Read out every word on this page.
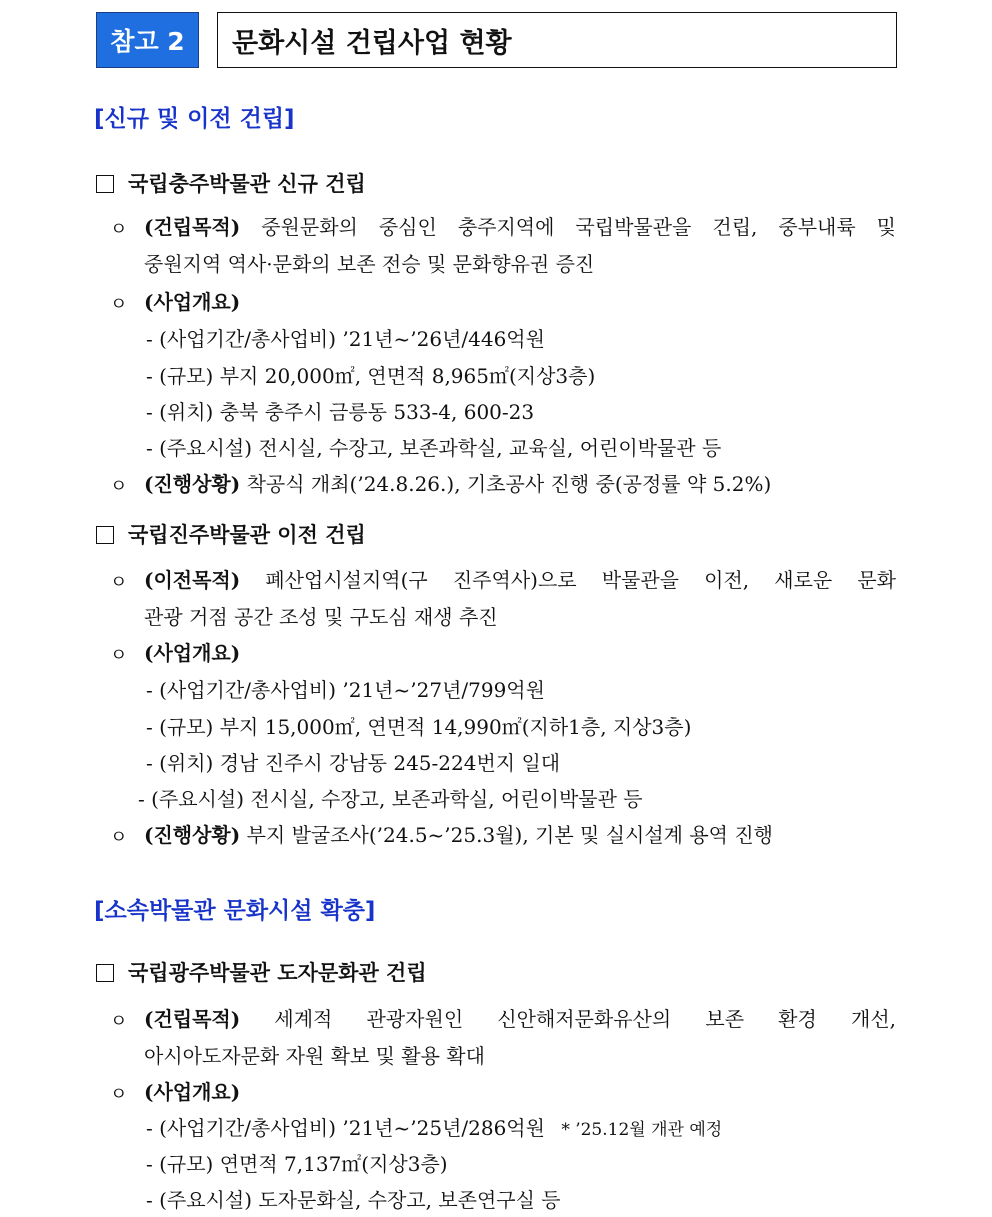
참고 2	문화시설 건립사업 현황
[신규 및 이전 건립]
국립충주박물관 신규 건립
ㅇ (건립목적) 중원문화의 중심인 충주지역에 국립박물관을 건립, 중부내륙 및
중원지역 역사·문화의 보존 전승 및 문화향유권 증진
ㅇ (사업개요)
- (사업기간/총사업비) ’21년~’26년/446억원
- (규모) 부지 20,000㎡, 연면적 8,965㎡(지상3층)
- (위치) 충북 충주시 금릉동 533-4, 600-23
- (주요시설) 전시실, 수장고, 보존과학실, 교육실, 어린이박물관 등
ㅇ (진행상황) 착공식 개최(’24.8.26.), 기초공사 진행 중(공정률 약 5.2%)
국립진주박물관 이전 건립
ㅇ (이전목적) 폐산업시설지역(구 진주역사)으로 박물관을 이전, 새로운 문화
관광 거점 공간 조성 및 구도심 재생 추진
ㅇ (사업개요)
- (사업기간/총사업비) ’21년~’27년/799억원
- (규모) 부지 15,000㎡, 연면적 14,990㎡(지하1층, 지상3층)
- (위치) 경남 진주시 강남동 245-224번지 일대
- (주요시설) 전시실, 수장고, 보존과학실, 어린이박물관 등
ㅇ (진행상황) 부지 발굴조사(’24.5~’25.3월), 기본 및 실시설계 용역 진행
[소속박물관 문화시설 확충]
국립광주박물관 도자문화관 건립
ㅇ (건립목적) 세계적 관광자원인 신안해저문화유산의 보존 환경 개선,
아시아도자문화 자원 확보 및 활용 확대
ㅇ (사업개요)
- (사업기간/총사업비) ’21년~’25년/286억원 * ’25.12월 개관 예정
- (규모) 연면적 7,137㎡(지상3층)
- (주요시설) 도자문화실, 수장고, 보존연구실 등
